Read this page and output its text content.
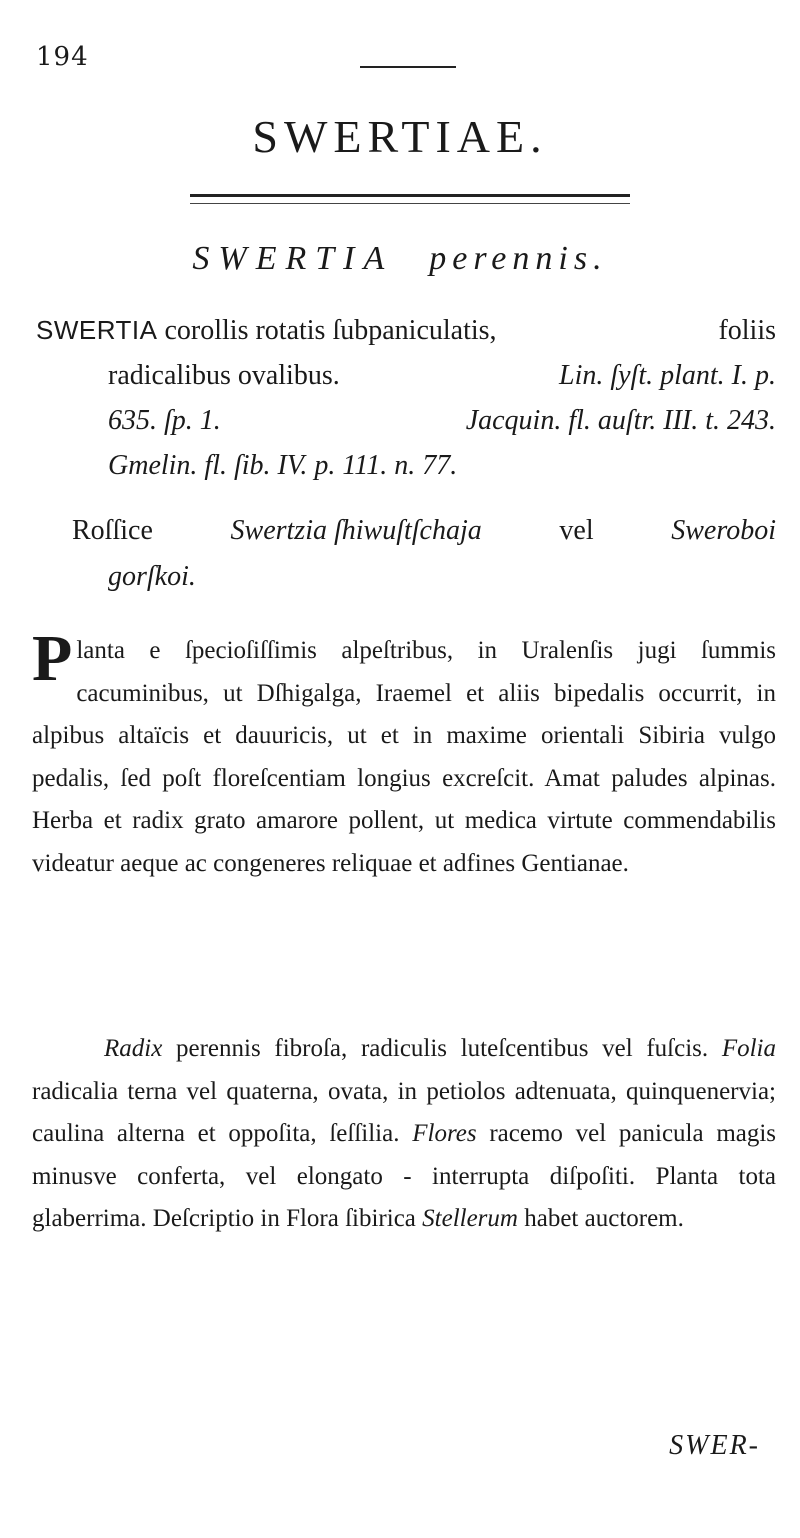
194
SWERTIAE.
SWERTIA perennis.
SWERTIA corollis rotatis ſubpaniculatis,	foliis
radicalibus ovalibus.	Lin. ſyſt. plant. I. p.
635. ſp. 1.	Jacquin. fl. auſtr. III. t. 243.
Gmelin. fl. ſib. IV. p. 111. n. 77.
Roſſice	Swertzia ſhiwuſtſchaja	vel	Sweroboi
gorſkoi.
Planta e ſpecioſiſſimis alpeſtribus, in Uralenſis jugi ſummis cacuminibus, ut Dſhigalga, Iraemel et aliis bipedalis occurrit, in alpibus altaïcis et dauuricis, ut et in maxime orientali Sibiria vulgo pedalis, ſed poſt floreſcentiam longius excreſcit. Amat paludes alpinas. Herba et radix grato amarore pollent, ut medica virtute commendabilis videatur aeque ac congeneres reliquae et adfines Gentianae.
Radix perennis fibroſa, radiculis luteſcentibus vel fuſcis. Folia radicalia terna vel quaterna, ovata, in petiolos adtenuata, quinquenervia; caulina alterna et oppoſita, ſeſſilia. Flores racemo vel panicula magis minusve conferta, vel elongato - interrupta diſpoſiti. Planta tota glaberrima. Deſcriptio in Flora ſibirica Stellerum habet auctorem.
SWER-
